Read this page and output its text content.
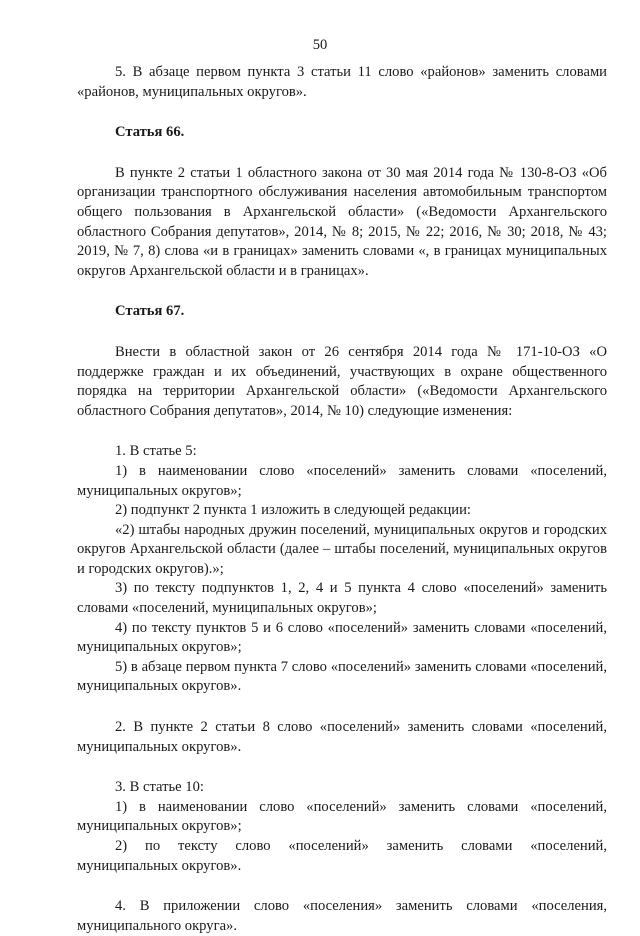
50

5. В абзаце первом пункта 3 статьи 11 слово «районов» заменить словами «районов, муниципальных округов».

Статья 66.

В пункте 2 статьи 1 областного закона от 30 мая 2014 года № 130-8-ОЗ «Об организации транспортного обслуживания населения автомобильным транспортом общего пользования в Архангельской области» («Ведомости Архангельского областного Собрания депутатов», 2014, № 8; 2015, № 22; 2016, № 30; 2018, № 43; 2019, № 7, 8) слова «и в границах» заменить словами «, в границах муниципальных округов Архангельской области и в границах».

Статья 67.

Внести в областной закон от 26 сентября 2014 года № 171-10-ОЗ «О поддержке граждан и их объединений, участвующих в охране общественного порядка на территории Архангельской области» («Ведомости Архангельского областного Собрания депутатов», 2014, № 10) следующие изменения:

1. В статье 5:

1) в наименовании слово «поселений» заменить словами «поселений, муниципальных округов»;

2) подпункт 2 пункта 1 изложить в следующей редакции:

«2) штабы народных дружин поселений, муниципальных округов и городских округов Архангельской области (далее – штабы поселений, муниципальных округов и городских округов).»;

3) по тексту подпунктов 1, 2, 4 и 5 пункта 4 слово «поселений» заменить словами «поселений, муниципальных округов»;

4) по тексту пунктов 5 и 6 слово «поселений» заменить словами «поселений, муниципальных округов»;

5) в абзаце первом пункта 7 слово «поселений» заменить словами «поселений, муниципальных округов».

2. В пункте 2 статьи 8 слово «поселений» заменить словами «поселений, муниципальных округов».

3. В статье 10:

1) в наименовании слово «поселений» заменить словами «поселений, муниципальных округов»;

2) по тексту слово «поселений» заменить словами «поселений, муниципальных округов».

4. В приложении слово «поселения» заменить словами «поселения, муниципального округа».
